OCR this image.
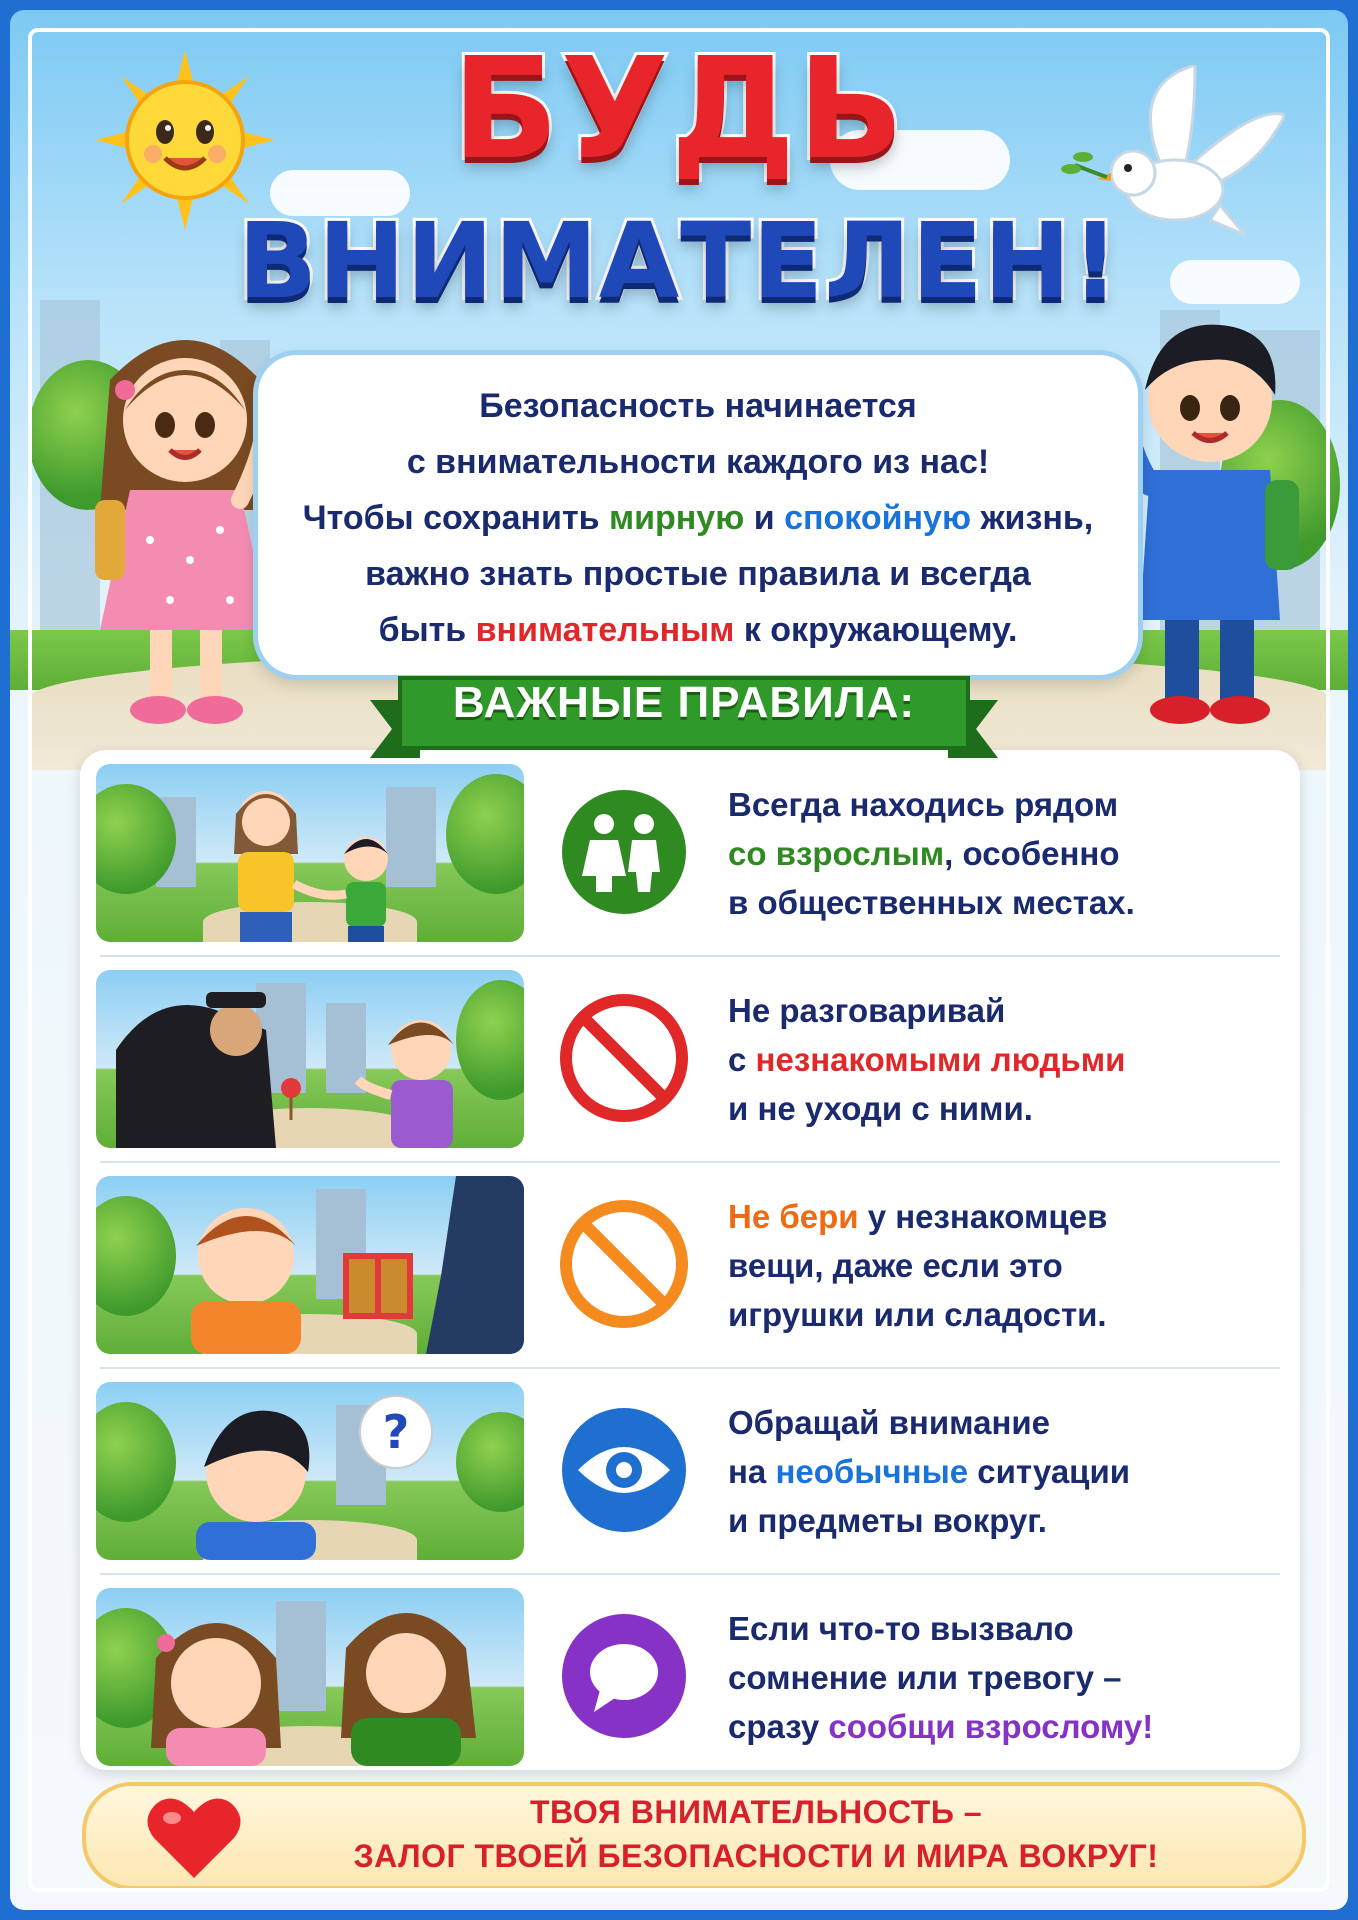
БУДЬ
ВНИМАТЕЛЕН!

Безопасность начинается

с внимательности каждого из нас!

Чтобы сохранить мирную и спокойную жизнь,

важно знать простые правила и всегда

быть внимательным к окружающему.

Всегда находись рядом
со взрослым, особенно
в общественных местах.
Не разговаривай
с незнакомыми людьми
и не уходи с ними.
Не бери у незнакомцев
вещи, даже если это
игрушки или сладости.
?	Обращай внимание
на необычные ситуации
и предметы вокруг.
Если что-то вызвало
сомнение или тревогу –
сразу сообщи взрослому!
ВАЖНЫЕ ПРАВИЛА:
ТВОЯ ВНИМАТЕЛЬНОСТЬ –
ЗАЛОГ ТВОЕЙ БЕЗОПАСНОСТИ И МИРА ВОКРУГ!
